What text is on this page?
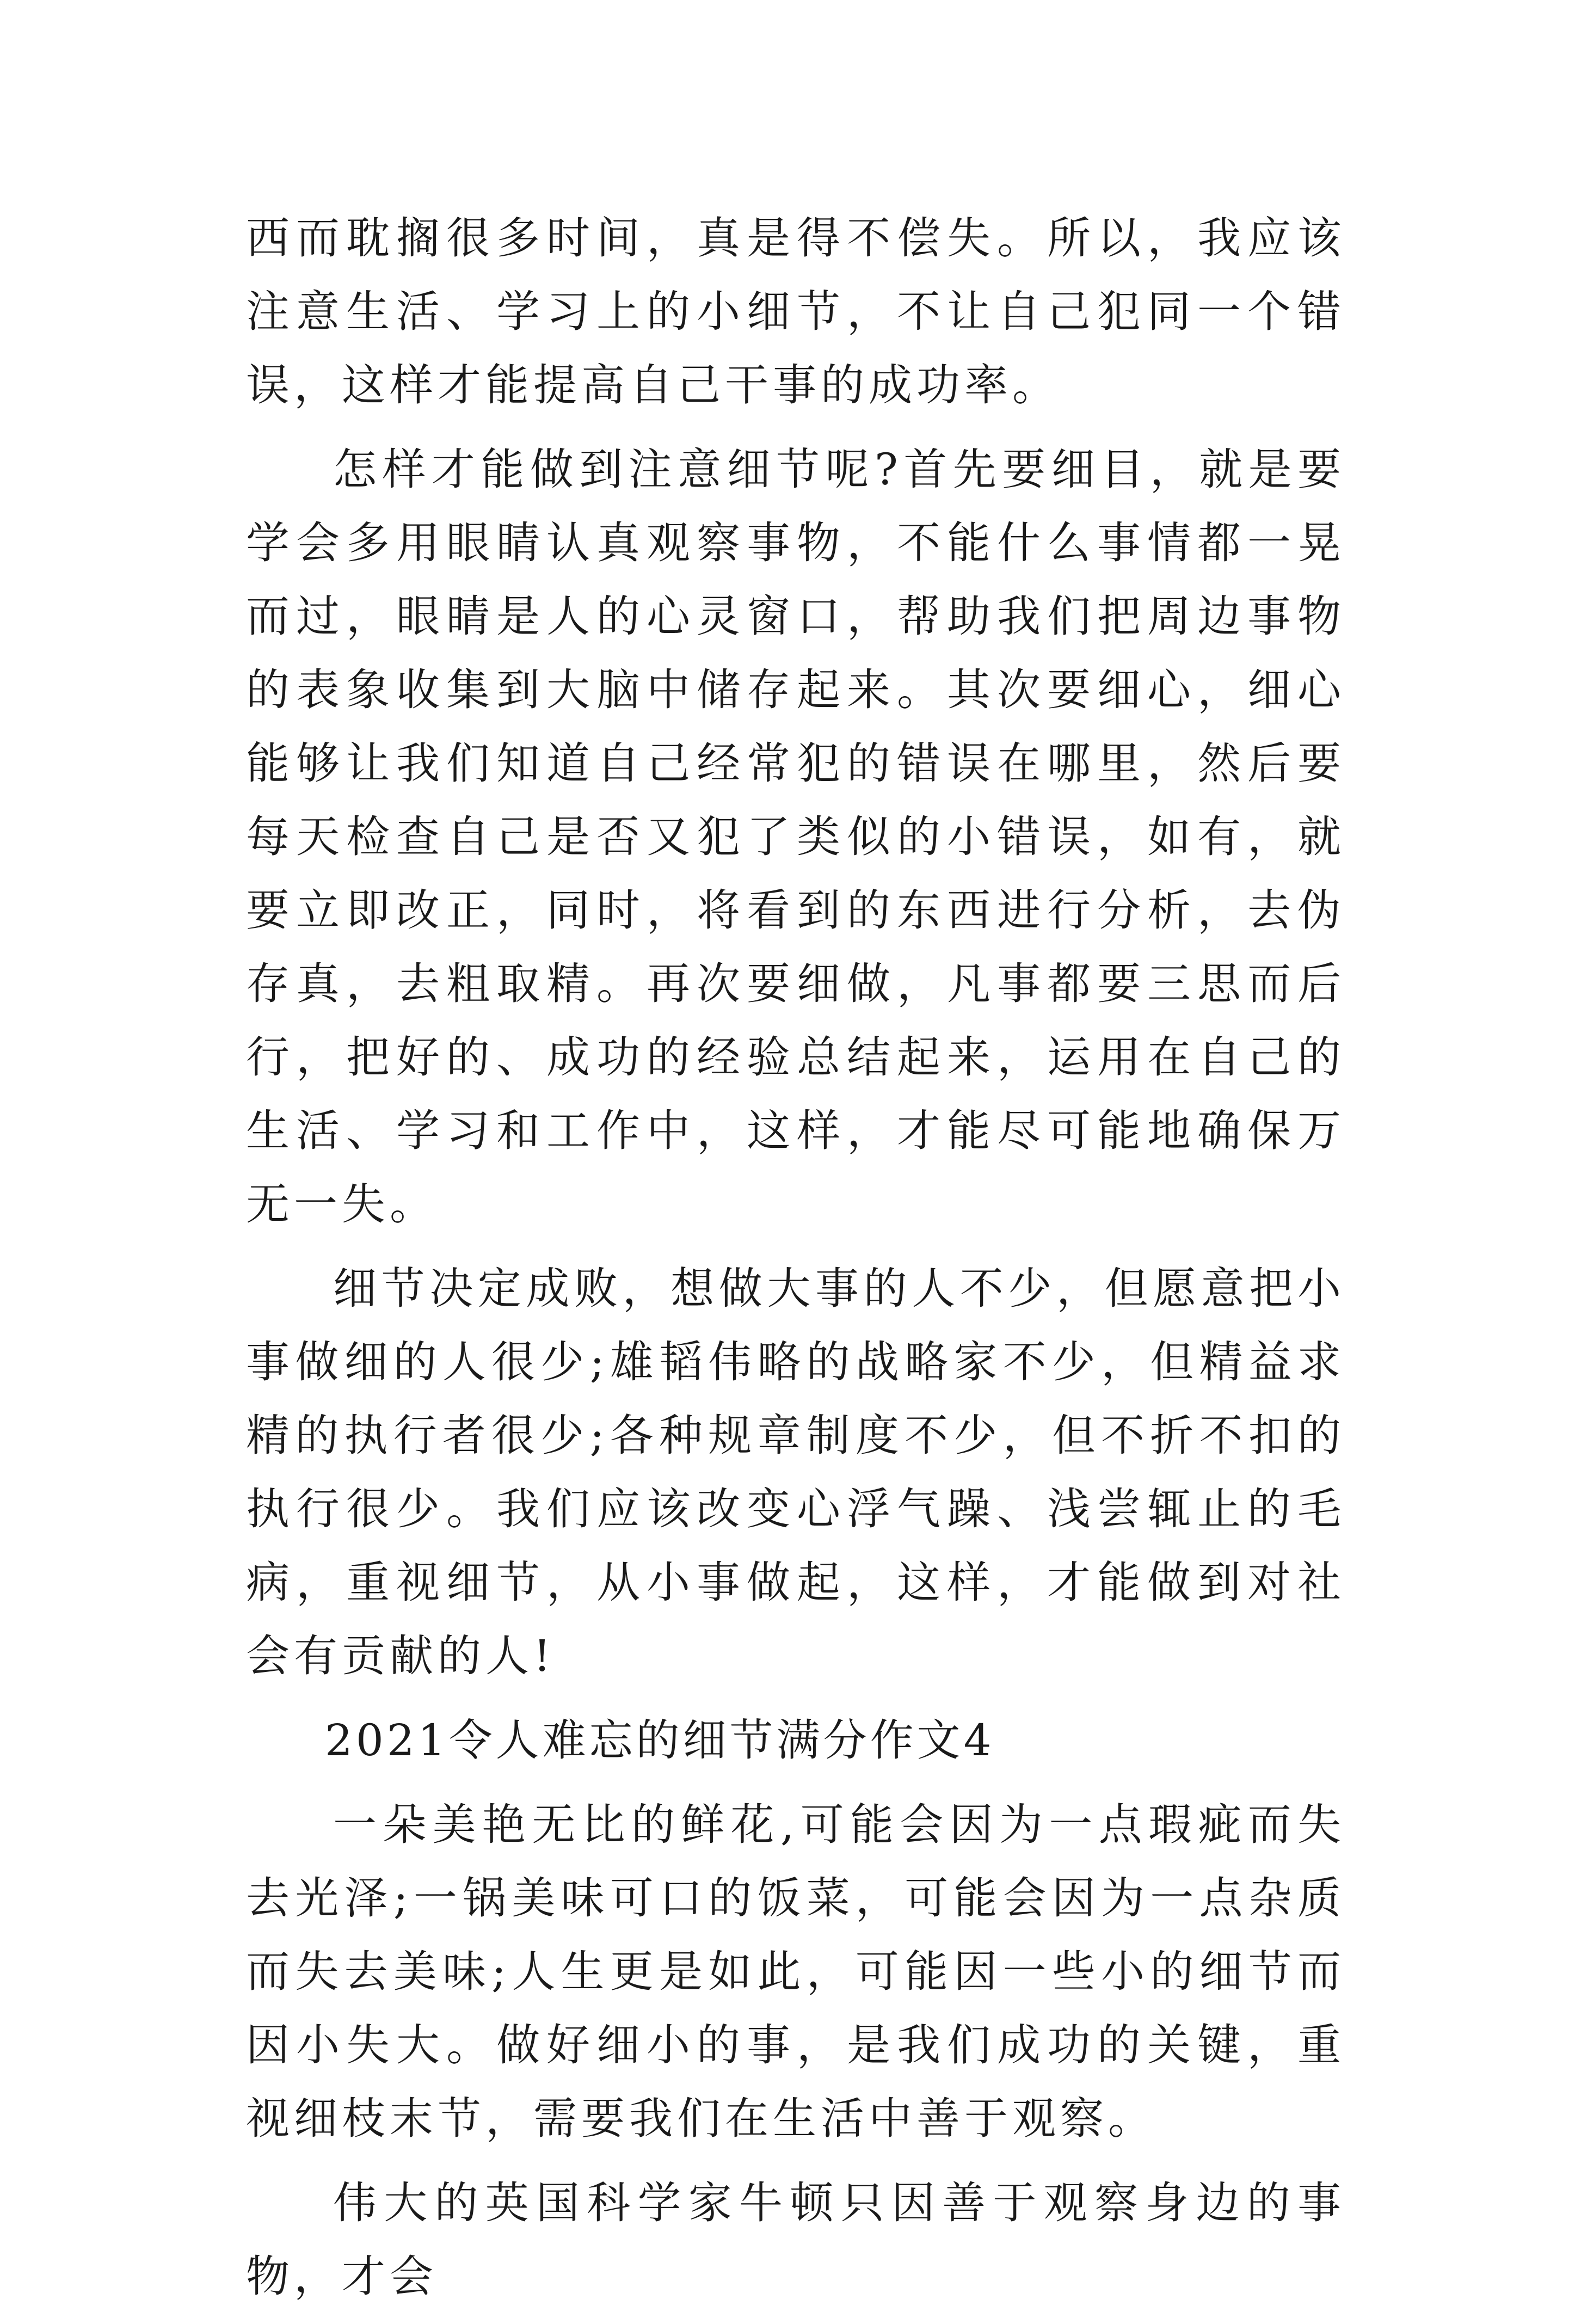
西而耽搁很多时间，真是得不偿失。所以，我应该注意生活、学习上的小细节，不让自己犯同一个错误，这样才能提高自己干事的成功率。

怎样才能做到注意细节呢?首先要细目，就是要学会多用眼睛认真观察事物，不能什么事情都一晃而过，眼睛是人的心灵窗口，帮助我们把周边事物的表象收集到大脑中储存起来。其次要细心，细心能够让我们知道自己经常犯的错误在哪里，然后要每天检查自己是否又犯了类似的小错误，如有，就要立即改正，同时，将看到的东西进行分析，去伪存真，去粗取精。再次要细做，凡事都要三思而后行，把好的、成功的经验总结起来，运用在自己的生活、学习和工作中，这样，才能尽可能地确保万无一失。

细节决定成败，想做大事的人不少，但愿意把小事做细的人很少;雄韬伟略的战略家不少，但精益求精的执行者很少;各种规章制度不少，但不折不扣的执行很少。我们应该改变心浮气躁、浅尝辄止的毛病，重视细节，从小事做起，这样，才能做到对社会有贡献的人!

2021令人难忘的细节满分作文4

一朵美艳无比的鲜花,可能会因为一点瑕疵而失去光泽;一锅美味可口的饭菜，可能会因为一点杂质而失去美味;人生更是如此，可能因一些小的细节而因小失大。做好细小的事，是我们成功的关键，重视细枝末节，需要我们在生活中善于观察。

伟大的英国科学家牛顿只因善于观察身边的事物，才会
